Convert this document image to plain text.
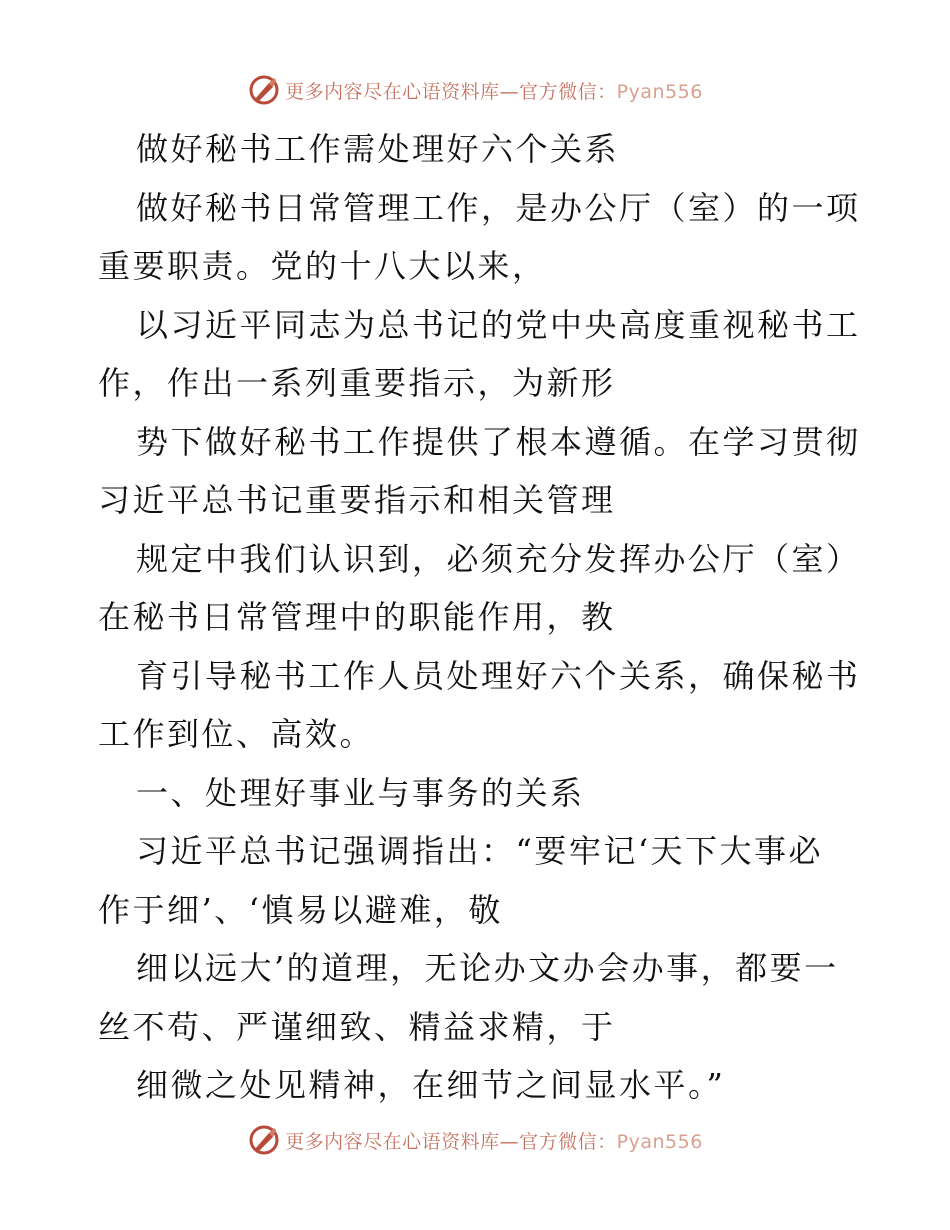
更多内容尽在心语资料库—官方微信：Pyan556
做好秘书工作需处理好六个关系
做好秘书日常管理工作，是办公厅（室）的一项
重要职责。党的十八大以来，
以习近平同志为总书记的党中央高度重视秘书工
作，作出一系列重要指示，为新形
势下做好秘书工作提供了根本遵循。在学习贯彻
习近平总书记重要指示和相关管理
规定中我们认识到，必须充分发挥办公厅（室）
在秘书日常管理中的职能作用，教
育引导秘书工作人员处理好六个关系，确保秘书
工作到位、高效。
一、处理好事业与事务的关系
习近平总书记强调指出：“要牢记‘天下大事必
作于细’、‘慎易以避难，敬
细以远大’的道理，无论办文办会办事，都要一
丝不苟、严谨细致、精益求精，于
细微之处见精神，在细节之间显水平。”
更多内容尽在心语资料库—官方微信：Pyan556
